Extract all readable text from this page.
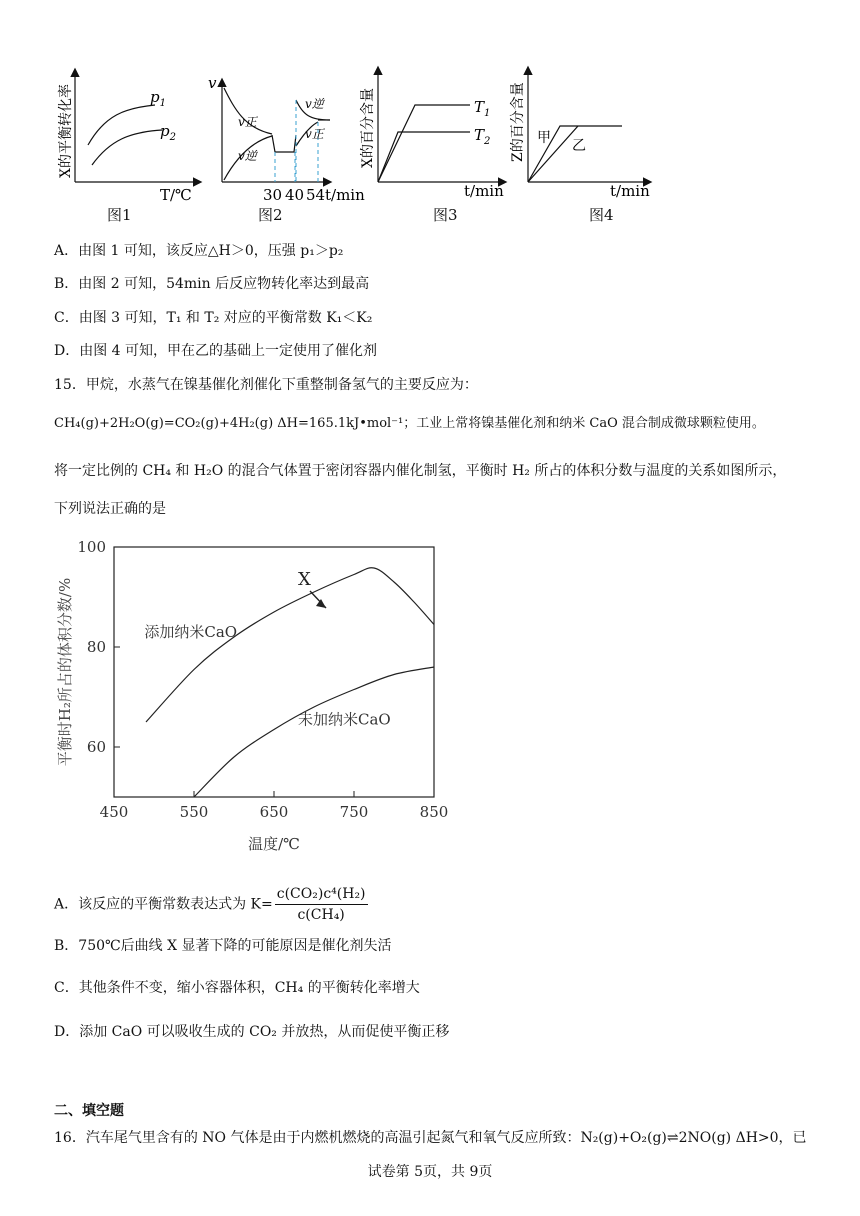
$p_1$
$p_2$
X的平衡转化率
T/℃
v
v正
v逆
v逆
v正
30 40 54 t/min
$T_1$
$T_2$
X的百分含量
t/min
甲 乙
Z的百分含量
t/min
图1	图2	图3	图4
A．由图 1 可知，该反应△H＞0，压强 p₁＞p₂
B．由图 2 可知，54min 后反应物转化率达到最高
C．由图 3 可知，T₁ 和 T₂ 对应的平衡常数 K₁＜K₂
D．由图 4 可知，甲在乙的基础上一定使用了催化剂
15．甲烷，水蒸气在镍基催化剂催化下重整制备氢气的主要反应为：
CH₄(g)+2H₂O(g)=CO₂(g)+4H₂(g) ΔH=165.1kJ•mol⁻¹；工业上常将镍基催化剂和纳米 CaO 混合制成微球颗粒使用。
将一定比例的 CH₄ 和 H₂O 的混合气体置于密闭容器内催化制氢，平衡时 H₂ 所占的体积分数与温度的关系如图所示，
下列说法正确的是
450	550	650	750	850
60
80
100
温度/℃
平衡时H₂所占的体积分数/%	X
添加纳米CaO
未加纳米CaO
A．该反应的平衡常数表达式为 $K= \frac{\text{c(CO₂)c⁴(H₂)}}{\text{c(CH₄)}}$
B．750℃后曲线 X 显著下降的可能原因是催化剂失活
C．其他条件不变，缩小容器体积，CH₄ 的平衡转化率增大
D．添加 CaO 可以吸收生成的 CO₂ 并放热，从而促使平衡正移
二、填空题
16．汽车尾气里含有的 NO 气体是由于内燃机燃烧的高温引起氮气和氧气反应所致：N₂(g)+O₂(g)⇌2NO(g) ΔH>0，已
试卷第 5页，共 9页
